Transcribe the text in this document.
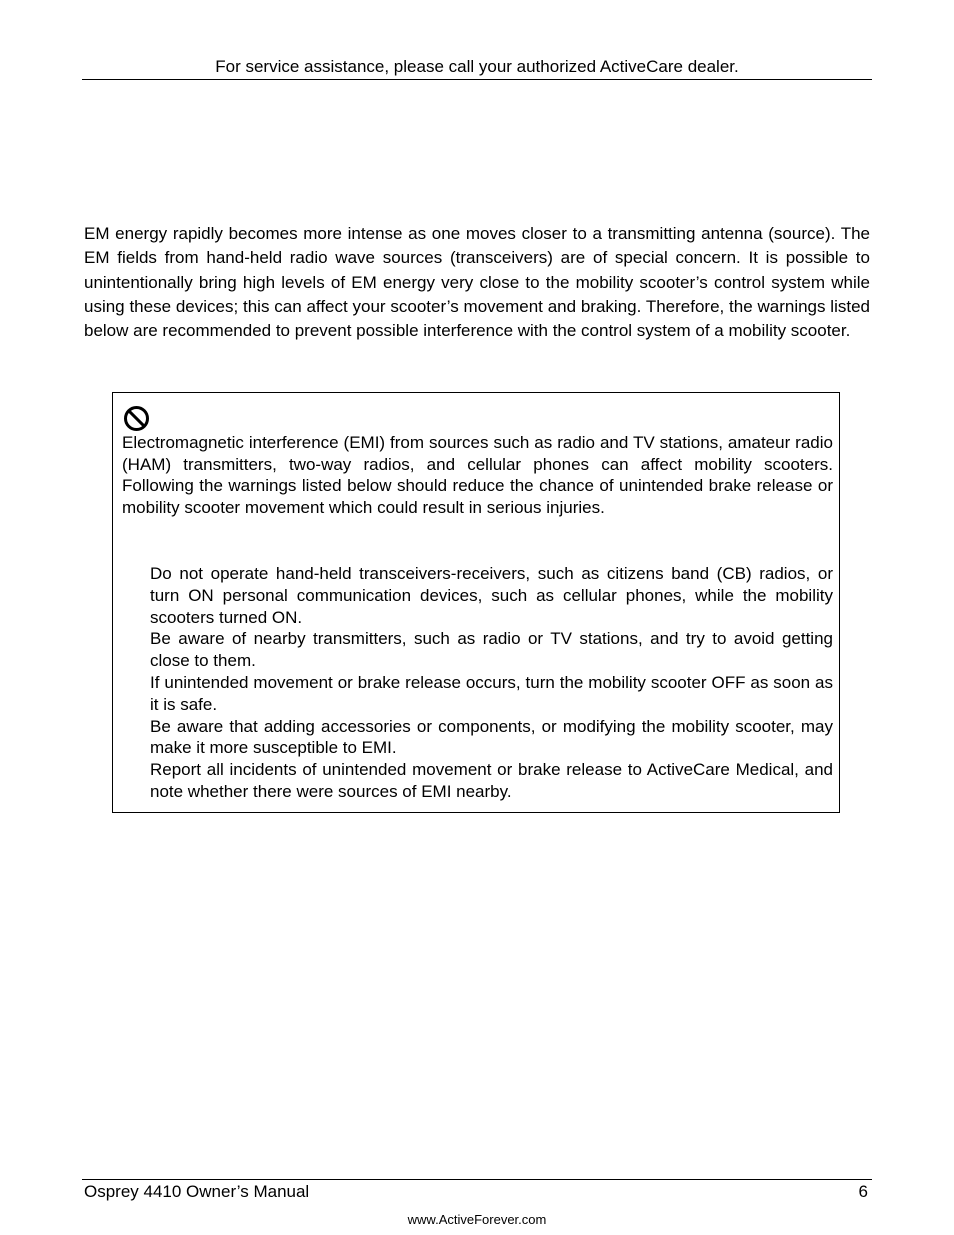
For service assistance, please call your authorized ActiveCare dealer.

EM energy rapidly becomes more intense as one moves closer to a transmitting antenna (source). The EM fields from hand-held radio wave sources (transceivers) are of special concern. It is possible to unintentionally bring high levels of EM energy very close to the mobility scooter’s control system while using these devices; this can affect your scooter’s movement and braking. Therefore, the warnings listed below are recommended to prevent possible interference with the control system of a mobility scooter.

Electromagnetic interference (EMI) from sources such as radio and TV stations, amateur radio (HAM) transmitters, two-way radios, and cellular phones can affect mobility scooters. Following the warnings listed below should reduce the chance of unintended brake release or mobility scooter movement which could result in serious injuries.

Do not operate hand-held transceivers-receivers, such as citizens band (CB) radios, or turn ON personal communication devices, such as cellular phones, while the mobility scooters turned ON.
Be aware of nearby transmitters, such as radio or TV stations, and try to avoid getting close to them.
If unintended movement or brake release occurs, turn the mobility scooter OFF as soon as it is safe.
Be aware that adding accessories or components, or modifying the mobility scooter, may make it more susceptible to EMI.
Report all incidents of unintended movement or brake release to ActiveCare Medical, and note whether there were sources of EMI nearby.
Osprey 4410 Owner’s Manual	6
www.ActiveForever.com
